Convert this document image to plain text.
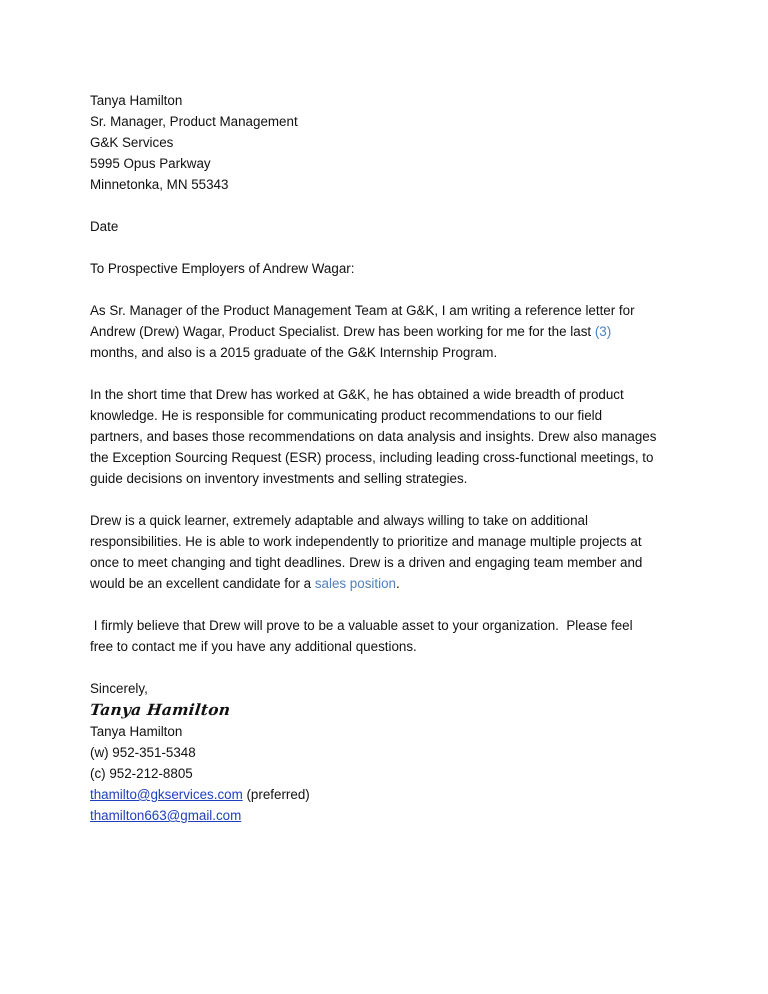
Tanya Hamilton
Sr. Manager, Product Management
G&K Services
5995 Opus Parkway
Minnetonka, MN 55343
Date
To Prospective Employers of Andrew Wagar:
As Sr. Manager of the Product Management Team at G&K, I am writing a reference letter for
Andrew (Drew) Wagar, Product Specialist. Drew has been working for me for the last (3)
months, and also is a 2015 graduate of the G&K Internship Program.
In the short time that Drew has worked at G&K, he has obtained a wide breadth of product
knowledge. He is responsible for communicating product recommendations to our field
partners, and bases those recommendations on data analysis and insights. Drew also manages
the Exception Sourcing Request (ESR) process, including leading cross-functional meetings, to
guide decisions on inventory investments and selling strategies.
Drew is a quick learner, extremely adaptable and always willing to take on additional
responsibilities. He is able to work independently to prioritize and manage multiple projects at
once to meet changing and tight deadlines. Drew is a driven and engaging team member and
would be an excellent candidate for a sales position.
I firmly believe that Drew will prove to be a valuable asset to your organization.  Please feel
free to contact me if you have any additional questions.
Sincerely,
Tanya Hamilton
Tanya Hamilton
(w) 952-351-5348
(c) 952-212-8805
thamilto@gkservices.com (preferred)
thamilton663@gmail.com
